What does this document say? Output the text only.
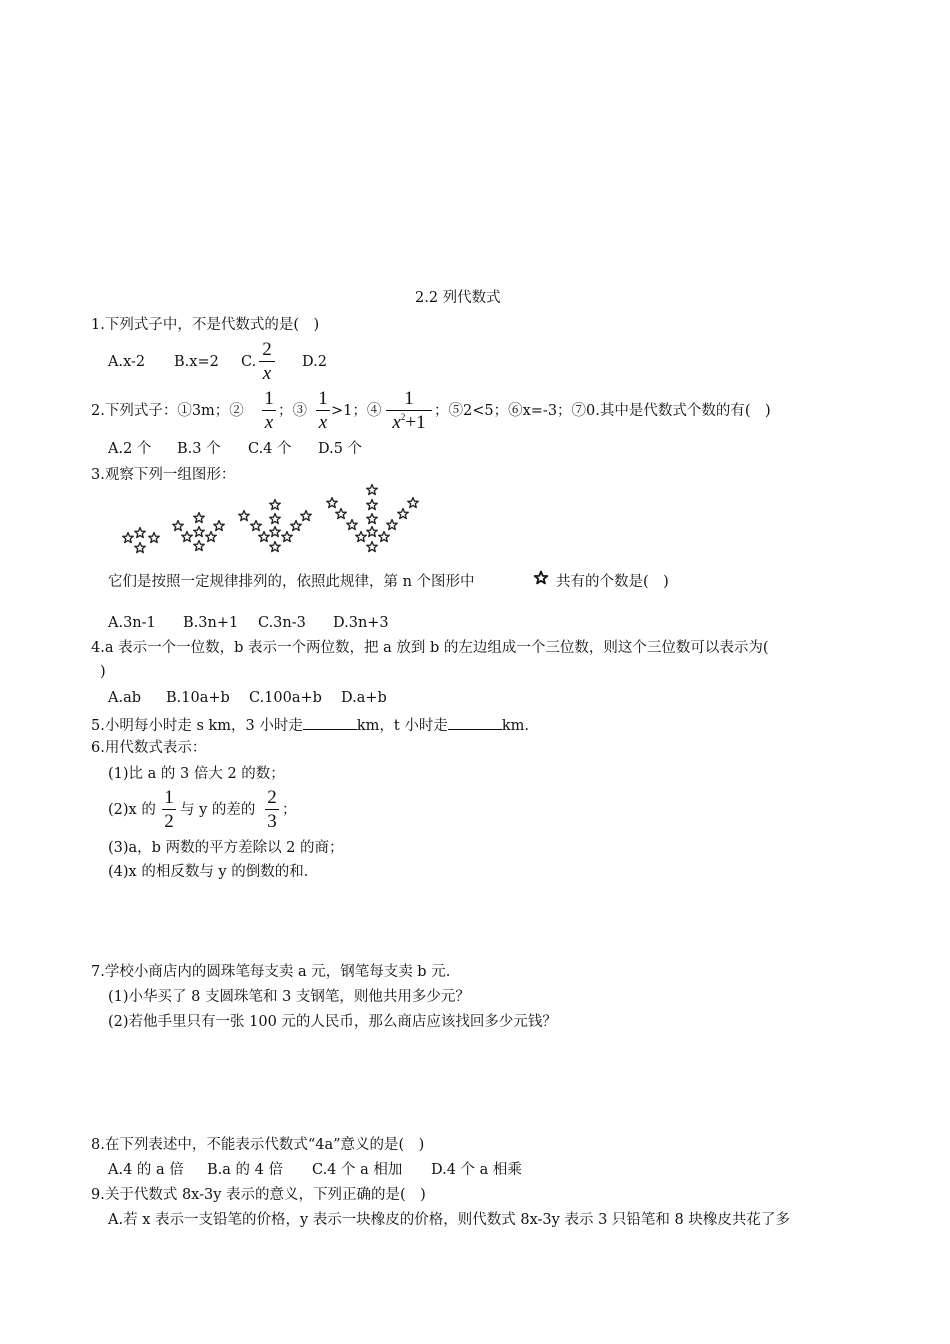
2.2 列代数式
1.下列式子中，不是代数式的是(　)
A.x-2 B.x=2 C.
2
x
D.2
2.下列式子：①3m；②
1
x
；③
1
x
>1；④
1
$x^2+1$
；⑤2<5；⑥x=-3；⑦0.其中是代数式个数的有(　)
A.2 个 B.3 个 C.4 个 D.5 个
3.观察下列一组图形：
它们是按照一定规律排列的，依照此规律，第 n 个图形中	共有的个数是(　)
A.3n-1 B.3n+1 C.3n-3 D.3n+3
4.a 表示一个一位数，b 表示一个两位数，把 a 放到 b 的左边组成一个三位数，则这个三位数可以表示为(
)
A.ab B.10a+b C.100a+b D.a+b
5.小明每小时走 s km，3 小时走	km，t 小时走	km.
6.用代数式表示：
(1)比 a 的 3 倍大 2 的数；
(2)x 的
1
2
与 y 的差的
2
3
；
(3)a，b 两数的平方差除以 2 的商；
(4)x 的相反数与 y 的倒数的和.
7.学校小商店内的圆珠笔每支卖 a 元，钢笔每支卖 b 元.
(1)小华买了 8 支圆珠笔和 3 支钢笔，则他共用多少元？
(2)若他手里只有一张 100 元的人民币，那么商店应该找回多少元钱？
8.在下列表述中，不能表示代数式“4a”意义的是(　)
A.4 的 a 倍 B.a 的 4 倍 C.4 个 a 相加 D.4 个 a 相乘
9.关于代数式 8x-3y 表示的意义，下列正确的是(　)
A.若 x 表示一支铅笔的价格，y 表示一块橡皮的价格，则代数式 8x-3y 表示 3 只铅笔和 8 块橡皮共花了多
